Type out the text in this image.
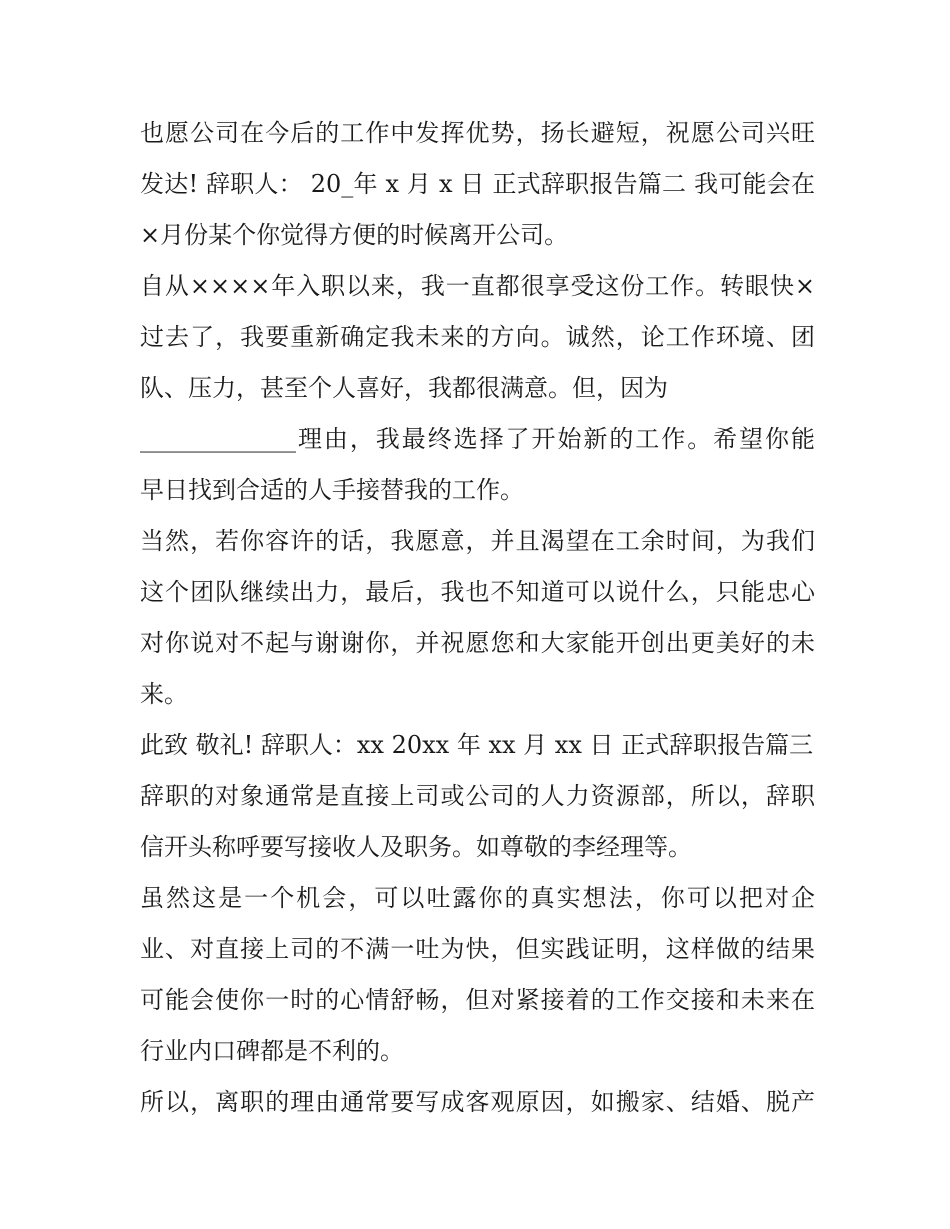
也愿公司在今后的工作中发挥优势，扬长避短，祝愿公司兴旺
发达! 辞职人： 20_年 x 月 x 日 正式辞职报告篇二 我可能会在
×月份某个你觉得方便的时候离开公司。
自从××××年入职以来，我一直都很享受这份工作。转眼快×
过去了，我要重新确定我未来的方向。诚然，论工作环境、团
队、压力，甚至个人喜好，我都很满意。但，因为
_____________理由，我最终选择了开始新的工作。希望你能
早日找到合适的人手接替我的工作。
当然，若你容许的话，我愿意，并且渴望在工余时间，为我们
这个团队继续出力，最后，我也不知道可以说什么，只能忠心
对你说对不起与谢谢你，并祝愿您和大家能开创出更美好的未
来。
此致 敬礼! 辞职人：xx 20xx 年 xx 月 xx 日 正式辞职报告篇三
辞职的对象通常是直接上司或公司的人力资源部，所以，辞职
信开头称呼要写接收人及职务。如尊敬的李经理等。
虽然这是一个机会，可以吐露你的真实想法，你可以把对企
业、对直接上司的不满一吐为快，但实践证明，这样做的结果
可能会使你一时的心情舒畅，但对紧接着的工作交接和未来在
行业内口碑都是不利的。
所以，离职的理由通常要写成客观原因，如搬家、结婚、脱产
